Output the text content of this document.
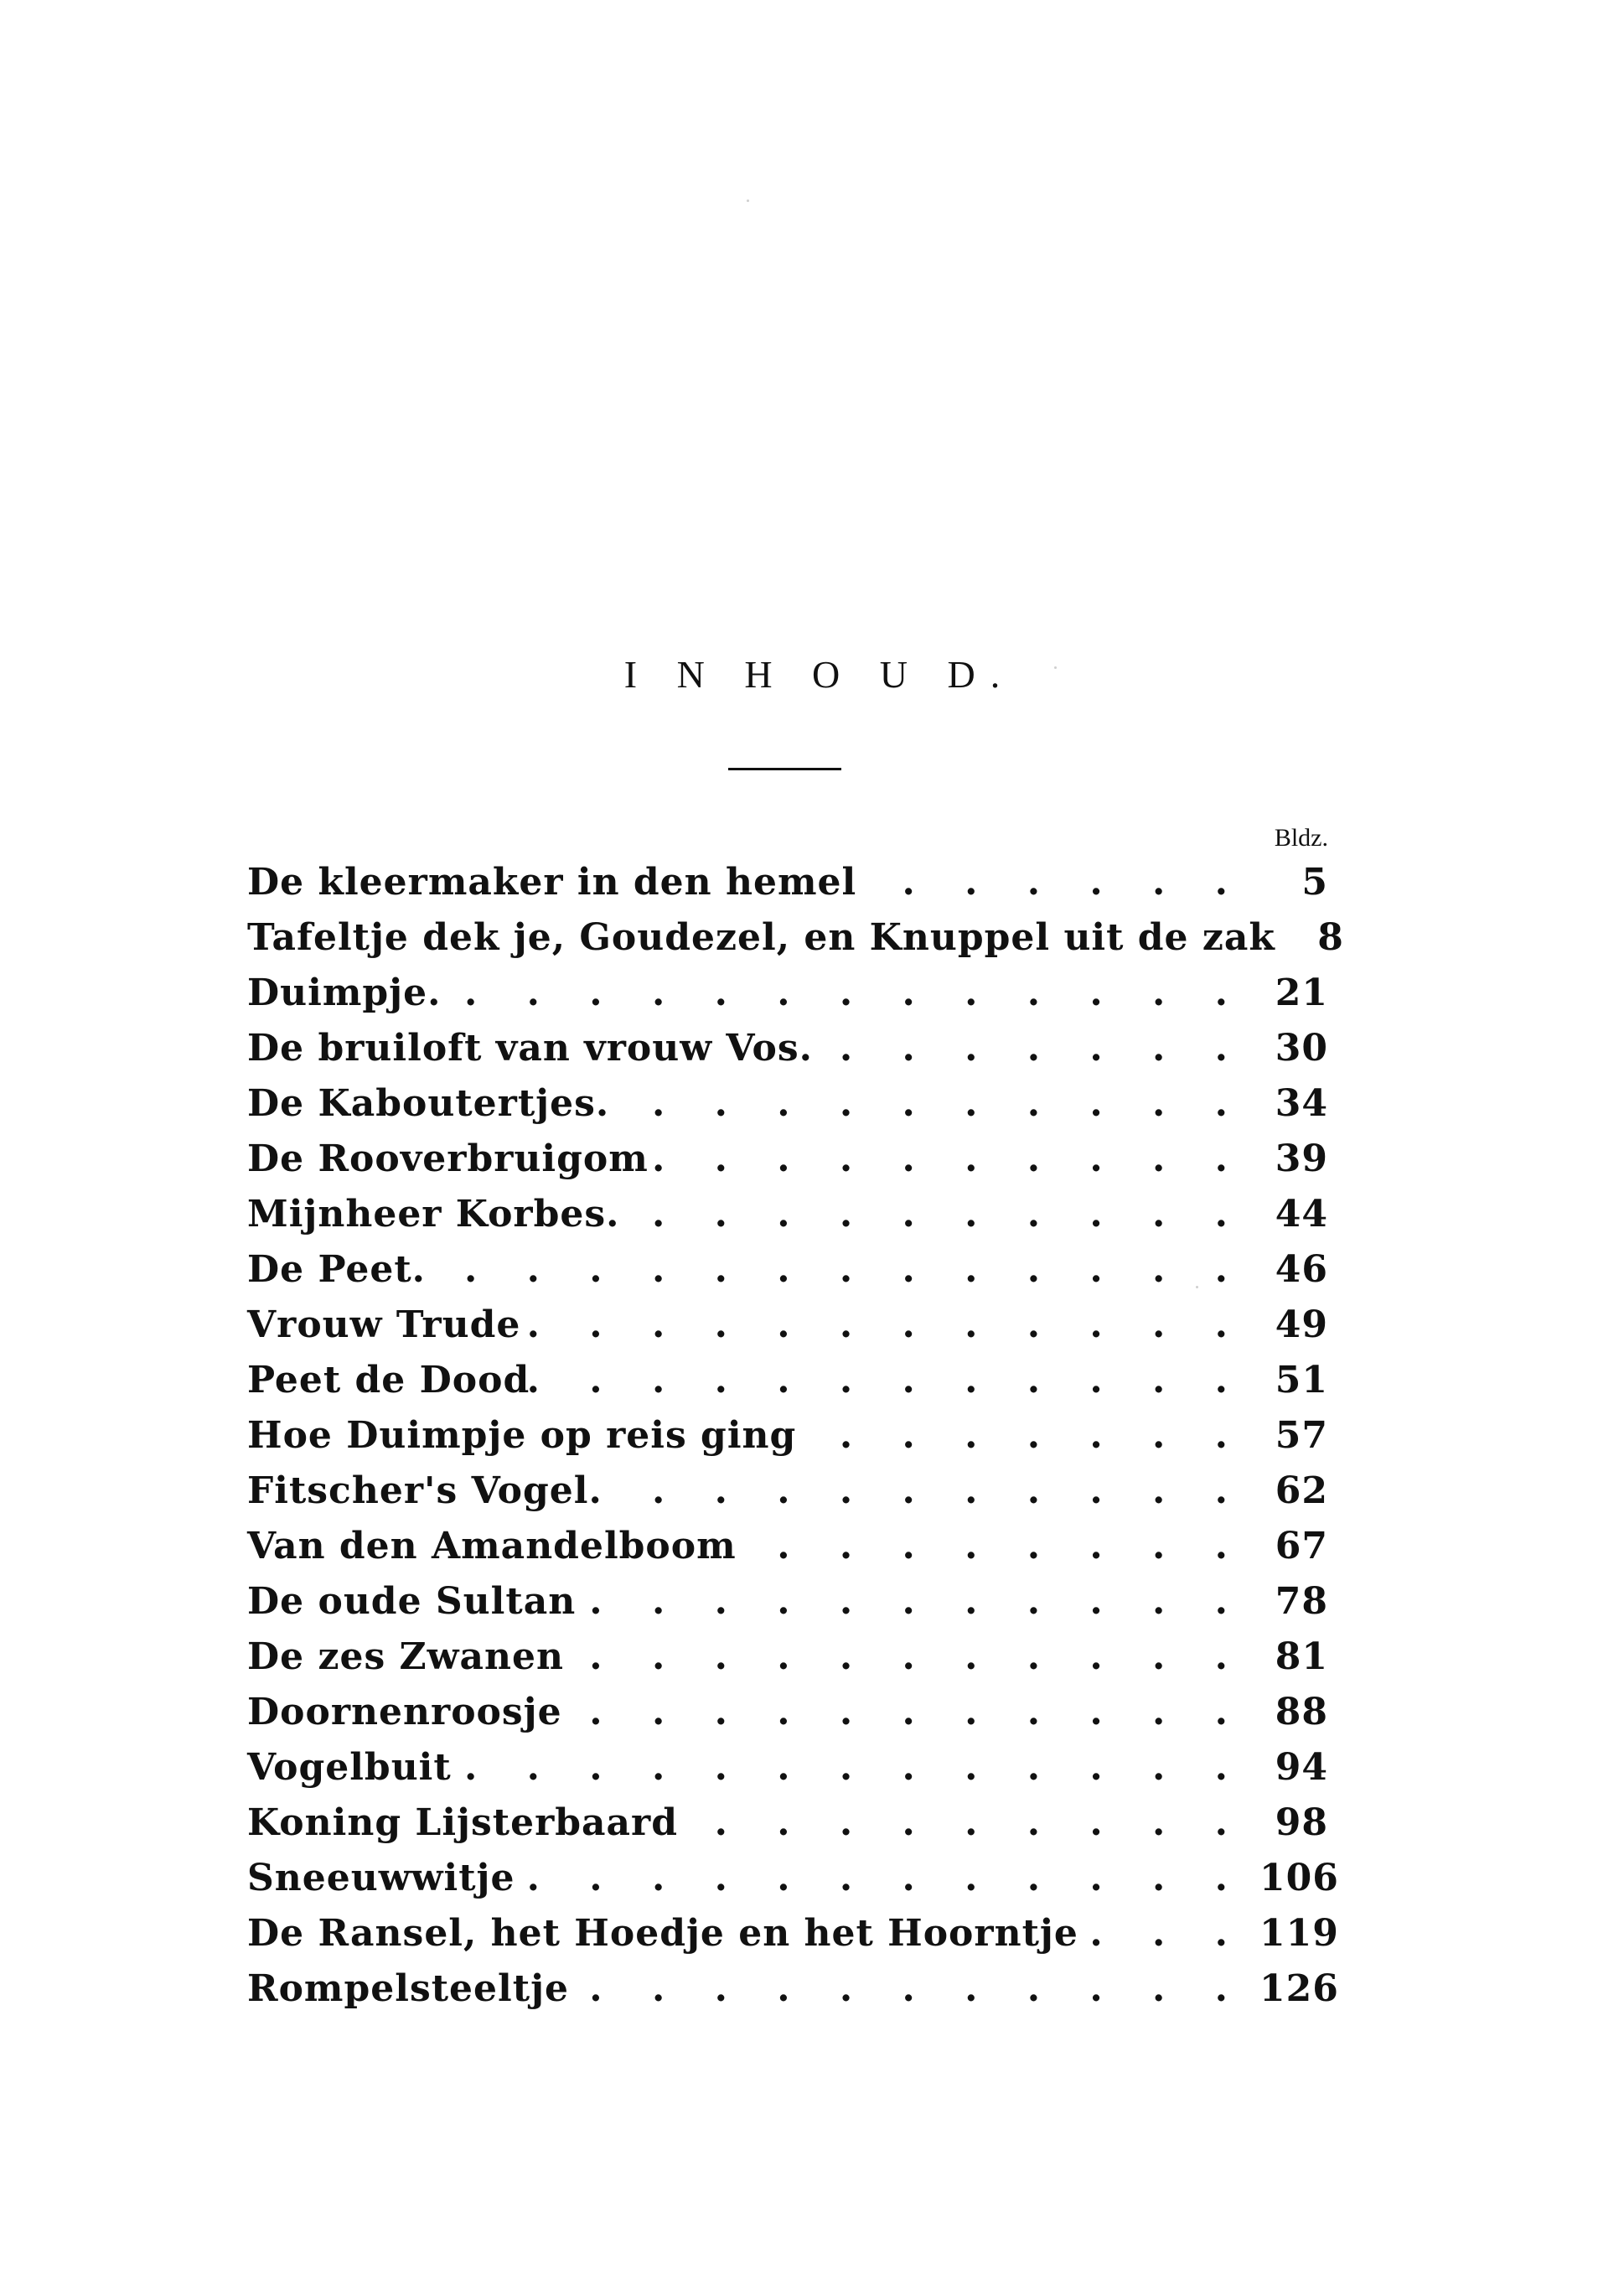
I N H O U D.
Bldz.
De kleermaker in den hemel . . .	5
Tafeltje dek je, Goudezel, en Knuppel uit de zak	8
Duimpje. . . .	21
De bruiloft van vrouw Vos. . . .	30
De Kaboutertjes. . . .	34
De Rooverbruigom . . .	39
Mijnheer Korbes. . . .	44
De Peet. . . .	46
Vrouw Trude . . .	49
Peet de Dood . . .	51
Hoe Duimpje op reis ging . . .	57
Fitscher's Vogel. . . .	62
Van den Amandelboom . . .	67
De oude Sultan . . .	78
De zes Zwanen . . .	81
Doornenroosje . . .	88
Vogelbuit . . .	94
Koning Lijsterbaard . . .	98
Sneeuwwitje . . .	106
De Ransel, het Hoedje en het Hoorntje . . .	119
Rompelsteeltje . . .	126
